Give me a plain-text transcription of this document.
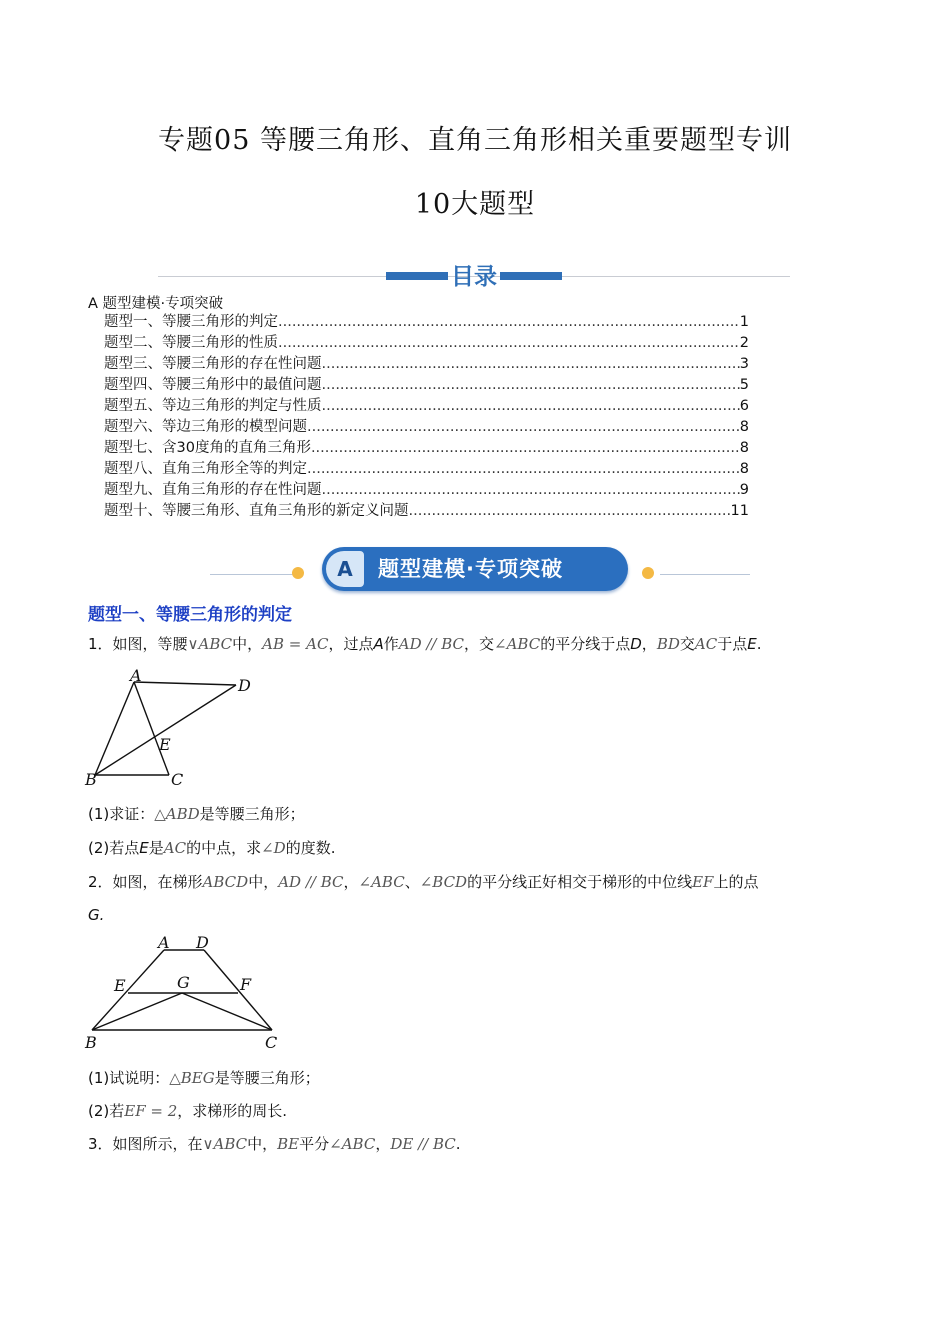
专题05 等腰三角形、直角三角形相关重要题型专训
10大题型
目录
A 题型建模·专项突破
题型一、等腰三角形的判定 .....	1
题型二、等腰三角形的性质 .....	2
题型三、等腰三角形的存在性问题 .....	3
题型四、等腰三角形中的最值问题 .....	5
题型五、等边三角形的判定与性质 .....	6
题型六、等边三角形的模型问题 .....	8
题型七、含30度角的直角三角形 .....	8
题型八、直角三角形全等的判定 .....	8
题型九、直角三角形的存在性问题 .....	9
题型十、等腰三角形、直角三角形的新定义问题 .....	11
A	题型建模·专项突破
题型一、等腰三角形的判定
1．如图，等腰∨ABC中，AB = AC，过点A作AD // BC，交∠ABC的平分线于点D，BD交AC于点E.
A
D
E
B	C
(1)求证：△ABD是等腰三角形；
(2)若点E是AC的中点，求∠D的度数.
2．如图，在梯形ABCD中，AD // BC，∠ABC、∠BCD的平分线正好相交于梯形的中位线EF上的点
G.
A D
E	G	F
B	C
(1)试说明：△BEG是等腰三角形；
(2)若EF = 2，求梯形的周长.
3．如图所示，在∨ABC中，BE平分∠ABC，DE // BC.
